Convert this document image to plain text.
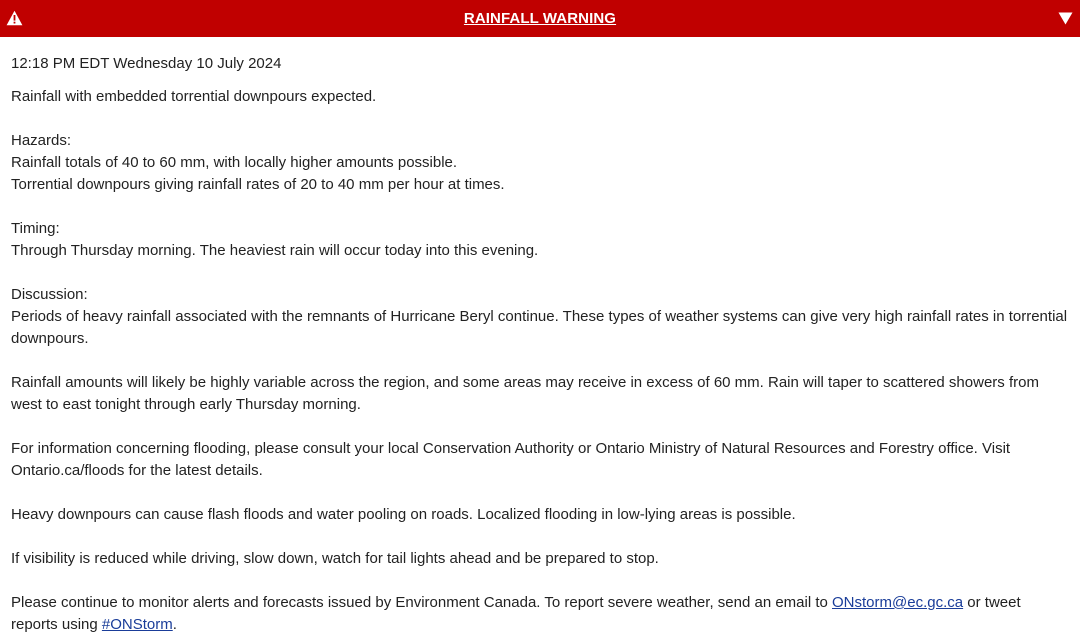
RAINFALL WARNING
12:18 PM EDT Wednesday 10 July 2024

Rainfall with embedded torrential downpours expected.

Hazards:
Rainfall totals of 40 to 60 mm, with locally higher amounts possible.
Torrential downpours giving rainfall rates of 20 to 40 mm per hour at times.

Timing:
Through Thursday morning. The heaviest rain will occur today into this evening.

Discussion:
Periods of heavy rainfall associated with the remnants of Hurricane Beryl continue. These types of weather systems can give very high rainfall rates in torrential downpours.

Rainfall amounts will likely be highly variable across the region, and some areas may receive in excess of 60 mm. Rain will taper to scattered showers from west to east tonight through early Thursday morning.

For information concerning flooding, please consult your local Conservation Authority or Ontario Ministry of Natural Resources and Forestry office. Visit Ontario.ca/floods for the latest details.

Heavy downpours can cause flash floods and water pooling on roads. Localized flooding in low-lying areas is possible.

If visibility is reduced while driving, slow down, watch for tail lights ahead and be prepared to stop.

Please continue to monitor alerts and forecasts issued by Environment Canada. To report severe weather, send an email to ONstorm@ec.gc.ca or tweet reports using #ONStorm.
